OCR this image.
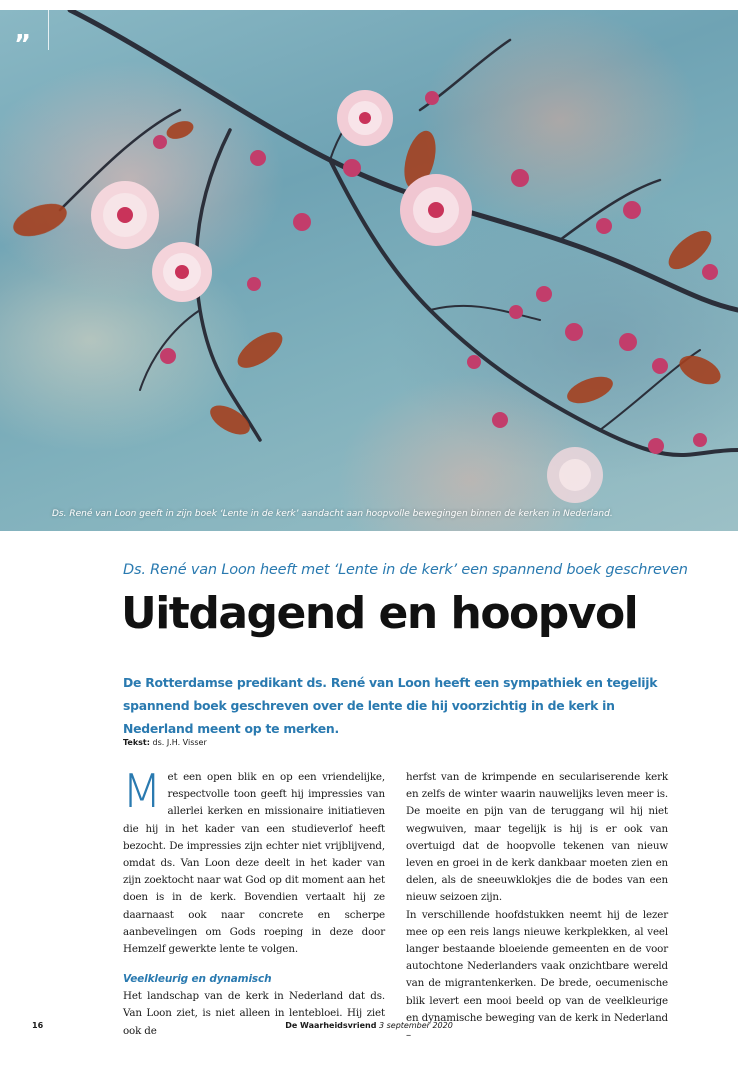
”
Ds. René van Loon geeft in zijn boek ‘Lente in de kerk’ aandacht aan hoopvolle bewegingen binnen de kerken in Nederland.
Ds. René van Loon heeft met ‘Lente in de kerk’ een spannend boek geschreven
Uitdagend en hoopvol
De Rotterdamse predikant ds. René van Loon heeft een sympathiek en tegelijk spannend boek geschreven over de lente die hij voorzichtig in de kerk in Nederland meent op te merken.
Tekst: ds. J.H. Visser

Met een open blik en op een vriendelijke, respectvolle toon geeft hij impressies van allerlei kerken en missionaire initiatieven die hij in het kader van een studieverlof heeft bezocht. De impressies zijn echter niet vrijblijvend, omdat ds. Van Loon deze deelt in het kader van zijn zoektocht naar wat God op dit moment aan het doen is in de kerk. Bovendien vertaalt hij ze daarnaast ook naar concrete en scherpe aanbevelingen om Gods roeping in deze door Hemzelf gewerkte lente te volgen.

Veelkleurig en dynamisch

Het landschap van de kerk in Nederland dat ds. Van Loon ziet, is niet alleen in lentebloei. Hij ziet ook de

herfst van de krimpende en seculariserende kerk en zelfs de winter waarin nauwelijks leven meer is. De moeite en pijn van de teruggang wil hij niet wegwuiven, maar tegelijk is hij is er ook van overtuigd dat de hoopvolle tekenen van nieuw leven en groei in de kerk dankbaar moeten zien en delen, als de sneeuwklokjes die de bodes van een nieuw seizoen zijn.

In verschillende hoofdstukken neemt hij de lezer mee op een reis langs nieuwe kerkplekken, al veel langer bestaande bloeiende gemeenten en de voor autochtone Nederlanders vaak onzichtbare wereld van de migrantenkerken. De brede, oecumenische blik levert een mooi beeld op van de veelkleurige en dynamische beweging van de kerk in Nederland –

16	De Waarheidsvriend 3 september 2020
